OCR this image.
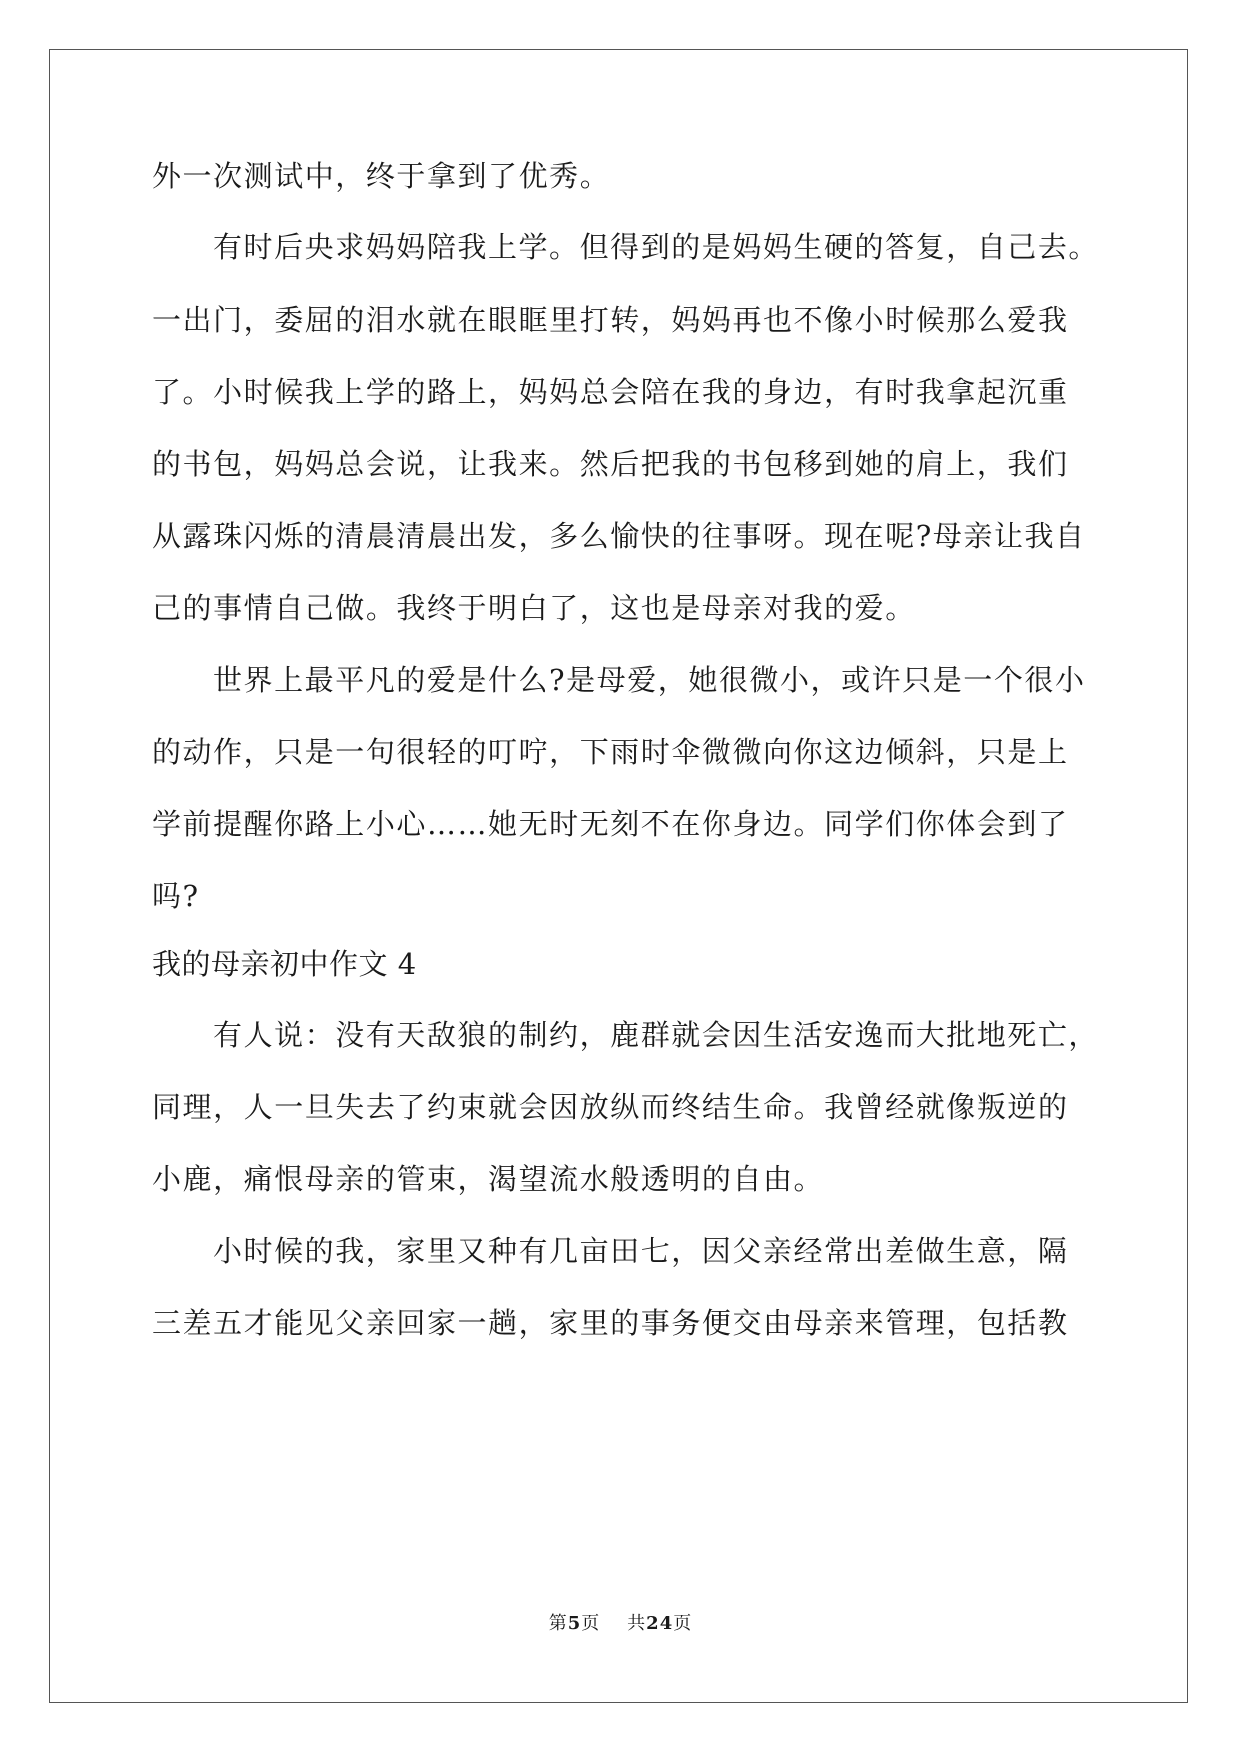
外一次测试中，终于拿到了优秀。
有时后央求妈妈陪我上学。但得到的是妈妈生硬的答复，自己去。
一出门，委屈的泪水就在眼眶里打转，妈妈再也不像小时候那么爱我
了。小时候我上学的路上，妈妈总会陪在我的身边，有时我拿起沉重
的书包，妈妈总会说，让我来。然后把我的书包移到她的肩上，我们
从露珠闪烁的清晨清晨出发，多么愉快的往事呀。现在呢?母亲让我自
己的事情自己做。我终于明白了，这也是母亲对我的爱。
世界上最平凡的爱是什么?是母爱，她很微小，或许只是一个很小
的动作，只是一句很轻的叮咛，下雨时伞微微向你这边倾斜，只是上
学前提醒你路上小心……她无时无刻不在你身边。同学们你体会到了
吗?
我的母亲初中作文 4
有人说：没有天敌狼的制约，鹿群就会因生活安逸而大批地死亡，
同理，人一旦失去了约束就会因放纵而终结生命。我曾经就像叛逆的
小鹿，痛恨母亲的管束，渴望流水般透明的自由。
小时候的我，家里又种有几亩田七，因父亲经常出差做生意，隔
三差五才能见父亲回家一趟，家里的事务便交由母亲来管理，包括教
第5页 共24页
